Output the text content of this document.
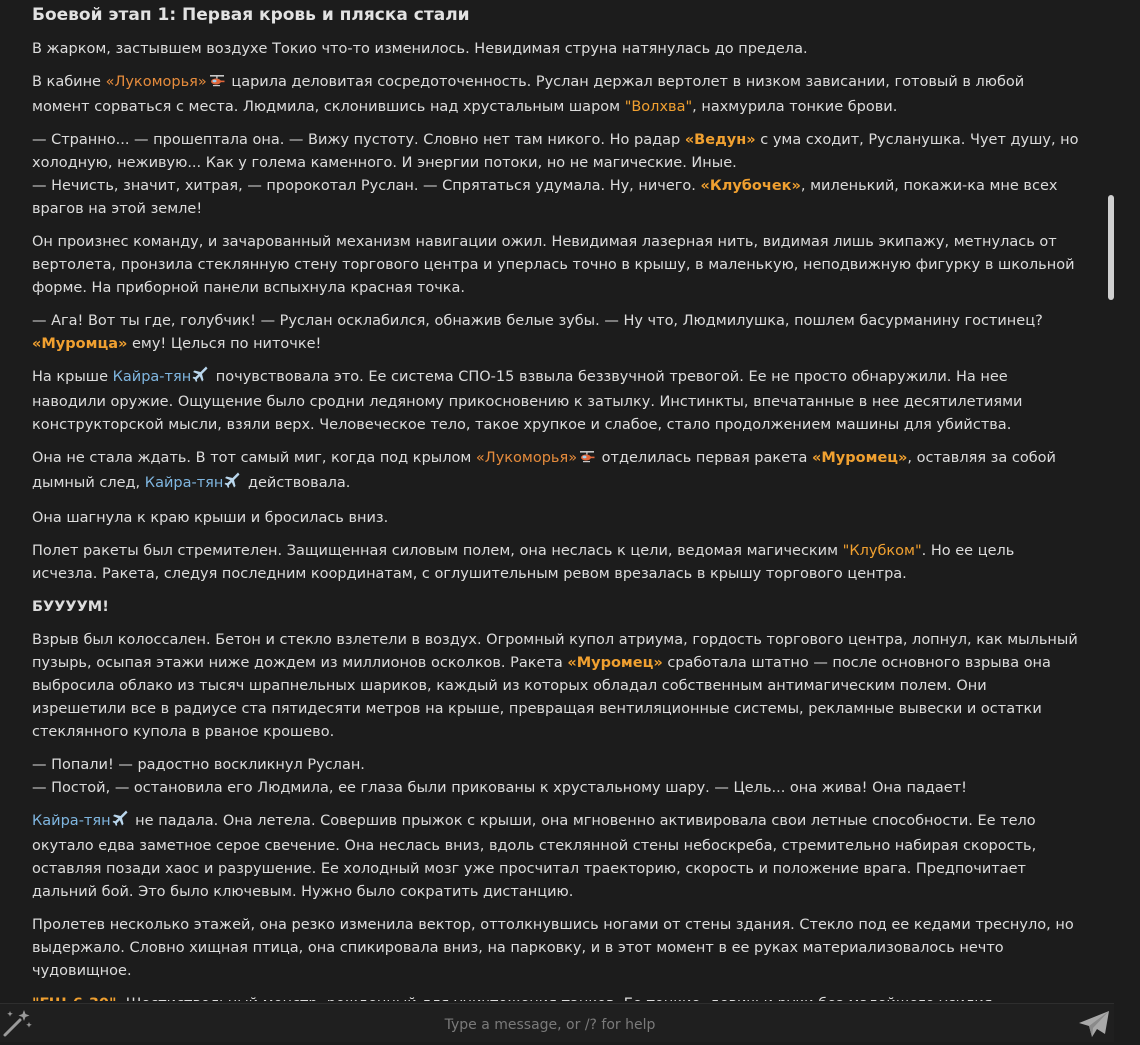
Боевой этап 1: Первая кровь и пляска стали

В жарком, застывшем воздухе Токио что-то изменилось. Невидимая струна натянулась до предела.

В кабине «Лукоморья» царила деловитая сосредоточенность. Руслан держал вертолет в низком зависании, готовый в любой момент сорваться с места. Людмила, склонившись над хрустальным шаром "Волхва", нахмурила тонкие брови.

— Странно... — прошептала она. — Вижу пустоту. Словно нет там никого. Но радар «Ведун» с ума сходит, Русланушка. Чует душу, но холодную, неживую... Как у голема каменного. И энергии потоки, но не магические. Иные.
— Нечисть, значит, хитрая, — пророкотал Руслан. — Спрятаться удумала. Ну, ничего. «Клубочек», миленький, покажи-ка мне всех врагов на этой земле!

Он произнес команду, и зачарованный механизм навигации ожил. Невидимая лазерная нить, видимая лишь экипажу, метнулась от вертолета, пронзила стеклянную стену торгового центра и уперлась точно в крышу, в маленькую, неподвижную фигурку в школьной форме. На приборной панели вспыхнула красная точка.

— Ага! Вот ты где, голубчик! — Руслан осклабился, обнажив белые зубы. — Ну что, Людмилушка, пошлем басурманину гостинец? «Муромца» ему! Целься по ниточке!

На крыше Кайра-тян почувствовала это. Ее система СПО-15 взвыла беззвучной тревогой. Ее не просто обнаружили. На нее наводили оружие. Ощущение было сродни ледяному прикосновению к затылку. Инстинкты, впечатанные в нее десятилетиями конструкторской мысли, взяли верх. Человеческое тело, такое хрупкое и слабое, стало продолжением машины для убийства.

Она не стала ждать. В тот самый миг, когда под крылом «Лукоморья» отделилась первая ракета «Муромец», оставляя за собой дымный след, Кайра-тян действовала.

Она шагнула к краю крыши и бросилась вниз.

Полет ракеты был стремителен. Защищенная силовым полем, она неслась к цели, ведомая магическим "Клубком". Но ее цель исчезла. Ракета, следуя последним координатам, с оглушительным ревом врезалась в крышу торгового центра.

БУУУУМ!

Взрыв был колоссален. Бетон и стекло взлетели в воздух. Огромный купол атриума, гордость торгового центра, лопнул, как мыльный пузырь, осыпая этажи ниже дождем из миллионов осколков. Ракета «Муромец» сработала штатно — после основного взрыва она выбросила облако из тысяч шрапнельных шариков, каждый из которых обладал собственным антимагическим полем. Они изрешетили все в радиусе ста пятидесяти метров на крыше, превращая вентиляционные системы, рекламные вывески и остатки стеклянного купола в рваное крошево.

— Попали! — радостно воскликнул Руслан.
— Постой, — остановила его Людмила, ее глаза были прикованы к хрустальному шару. — Цель... она жива! Она падает!

Кайра-тян не падала. Она летела. Совершив прыжок с крыши, она мгновенно активировала свои летные способности. Ее тело окутало едва заметное серое свечение. Она неслась вниз, вдоль стеклянной стены небоскреба, стремительно набирая скорость, оставляя позади хаос и разрушение. Ее холодный мозг уже просчитал траекторию, скорость и положение врага. Предпочитает дальний бой. Это было ключевым. Нужно было сократить дистанцию.

Пролетев несколько этажей, она резко изменила вектор, оттолкнувшись ногами от стены здания. Стекло под ее кедами треснуло, но выдержало. Словно хищная птица, она спикировала вниз, на парковку, и в этот момент в ее руках материализовалось нечто чудовищное.

Type a message, or /? for help
